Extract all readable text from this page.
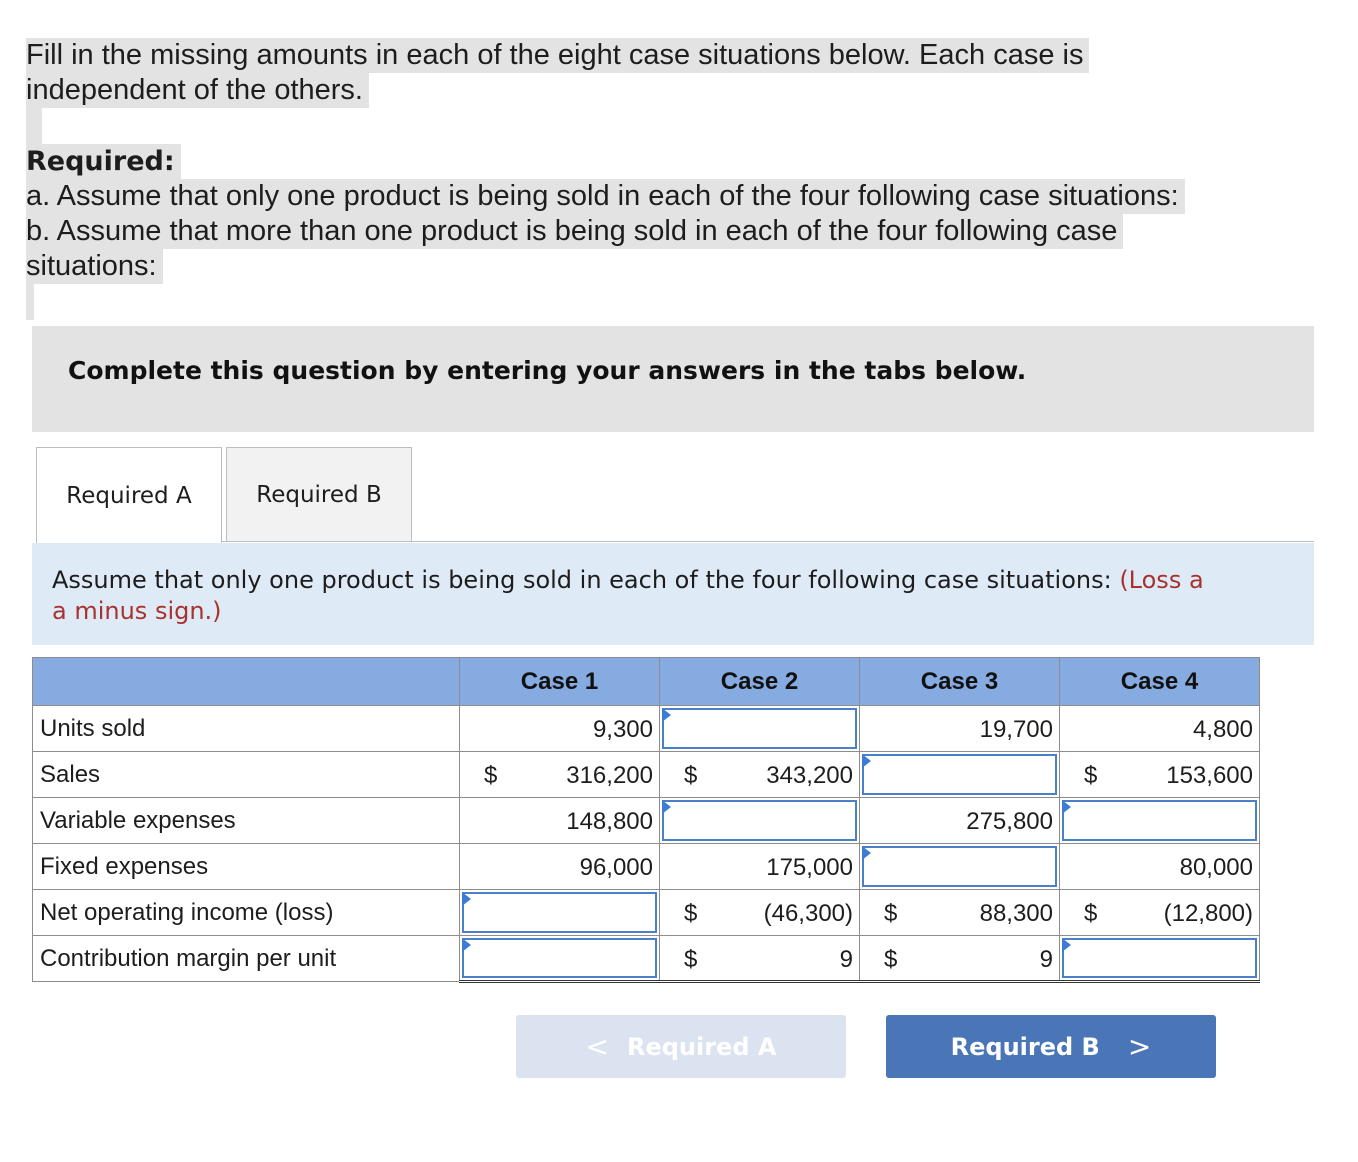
Fill in the missing amounts in each of the eight case situations below. Each case is
independent of the others.
Required:
a. Assume that only one product is being sold in each of the four following case situations:
b. Assume that more than one product is being sold in each of the four following case
situations:
Complete this question by entering your answers in the tabs below.
Required A	Required B

Assume that only one product is being sold in each of the four following case situations: (Loss a
a minus sign.)

	Case 1	Case 2	Case 3	Case 4
Units sold	9,300		19,700	4,800

Sales	$ 316,200	$ 343,200		$ 153,600

Variable expenses	148,800		275,800	

Fixed expenses	96,000	175,000		80,000

Net operating income (loss)		$ (46,300)	$ 88,300	$ (12,800)

Contribution margin per unit		$ 9	$ 9	

< Required A	Required B >
